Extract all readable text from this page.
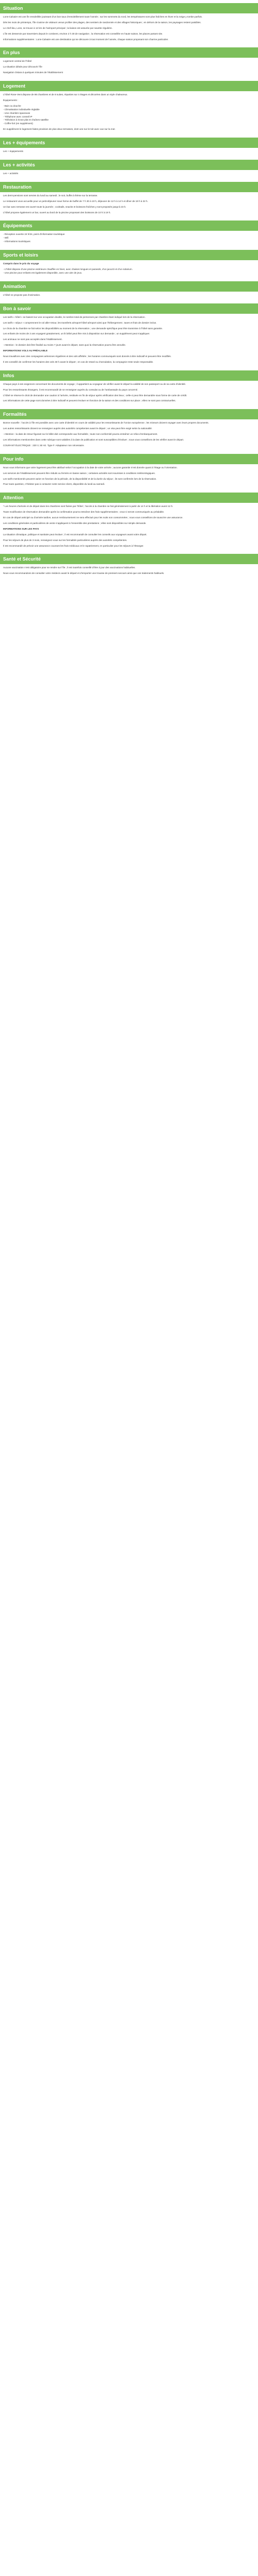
Situation

Lons-Calvaire est une île ensoleillée jouissant d’un bon taux d’ensoleillement toute l’année ; sur les sommets du nord, les températures sont plus fraîches en hiver et la neige y tombe parfois.

Dès les mois de printemps, l’île s’anime de visiteurs venus profiter des plages, des sentiers de randonnée et des villages historiques ; en dehors de la saison, les paysages restent paisibles.

Le chef-lieu, Lons, se trouve à 12 km de l’aéroport principal ; la liaison est assurée par navette régulière.

L’île est desservie par traversiers depuis le continent, environ 2 h 30 de navigation ; la réservation est conseillée en haute saison, les places partant vite.

Informations supplémentaires : Lons-Calvaire est une destination qui se découvre à tout moment de l’année, chaque saison proposant son charme particulier.

En plus

Logement central de l’hôtel

La situation idéale pour découvrir l’île

Navigation Ostara à quelques minutes de l’établissement

Logement

L’hôtel Rose-Vent dispose de 98 chambres et de 8 suites, réparties sur 4 étages et décorées dans un style chaleureux.

Équipements :

- Bain ou douche
- Climatisation individuelle réglable
- Une chambre spacieuse
- Téléphone avec conseil IP
- Télévision à écran plat et chaînes satellite
- Coffre-fort (en supplément)

En supplément le logement faites provision de plus deux terrasses, dont une sur le toit avec vue sur la mer.

Les + équipements

Les + équipements

Les + activités

Les + activités

Restauration

Les demi-pensions sont servies du lundi au samedi ; le soir, buffet à thème sur la terrasse.

Le restaurant vous accueille pour un petit-déjeuner sous forme de buffet de 7 h 30 à 10 h, déjeuner de 12 h à 14 h et dîner de 19 h à 22 h.

Un bar avec terrasse est ouvert toute la journée ; cocktails, snacks et boissons fraîches y sont proposés jusqu’à 23 h.

L’hôtel propose également un bar, ouvert au bord de la piscine proposant des boissons de 10 h à 19 h.

Équipements
- Réception ouverte 24 h/24, point d’information touristique
- Wifi
- Informations touristiques
Sports et loisirs

Compris dans le prix du voyage

- L’hôtel dispose d’une piscine extérieure chauffée en hiver, avec chaises longues et parasols, d’un jacuzzi et d’un solarium.
- Une piscine pour enfants est également disponible, avec une aire de jeux.
Animation

L’hôtel ne propose pas d’animation.

Bon à savoir

Les tarifs « hôtel » se basent sur une occupation double, le nombre total de personnes par chambre étant indiqué lors de la réservation.

Les tarifs « séjour » comprennent le vol aller-retour, les transferts aéroport-hôtel-aéroport ainsi que l’hébergement ; taxes et frais de dossier inclus.

Le choix de la chambre se fait selon les disponibilités au moment de la réservation ; une demande spécifique peut être transmise à l’hôtel sans garantie.

Les enfants de moins de 2 ans voyagent gratuitement, un lit bébé peut être mis à disposition sur demande ; un supplément peut s’appliquer.

Les animaux ne sont pas acceptés dans l’établissement.

- Attention : le dossier doit être finalisé au moins 7 jours avant le départ, sans quoi la réservation pourra être annulée.

INFORMATIONS VOLS AU PRÉALABLE

Nous travaillons avec des compagnies aériennes régulières et des vols affrétés ; les horaires communiqués sont donnés à titre indicatif et peuvent être modifiés.

Il est conseillé de confirmer les horaires des vols 48 h avant le départ ; en cas de retard ou d’annulation, la compagnie reste seule responsable.

Infos

Chaque pays à ses exigences concernant les documents de voyage ; il appartient au voyageur de vérifier avant le départ la validité de son passeport ou de sa carte d’identité.

Pour les ressortissants étrangers, il est recommandé de se renseigner auprès du consulat ou de l’ambassade du pays concerné.

L’hôtel se réserve le droit de demander une caution à l’arrivée, restituée en fin de séjour après vérification des lieux ; celle-ci peut être demandée sous forme de carte de crédit.

Les informations de cette page sont données à titre indicatif et peuvent évoluer en fonction de la saison et des conditions sur place ; elles ne sont pas contractuelles.

Formalités

Bonne nouvelle : l’accès à l’île est possible avec une carte d’identité en cours de validité pour les ressortissants de l’Union européenne ; les mineurs doivent voyager avec leurs propres documents.

Les autres ressortissants doivent se renseigner auprès des autorités compétentes avant le départ ; un visa peut être exigé selon la nationalité.

- Attention : la date de retour figurant sur le billet doit correspondre aux formalités ; toute non-conformité pourra entraîner un refus d’embarquement.

Les informations mentionnées dans cette rubrique sont valables à la date de publication et sont susceptibles d’évoluer ; nous vous conseillons de les vérifier avant le départ.

COURANT ÉLECTRIQUE : 230 V, 50 Hz. Type F. Adaptateur non nécessaire.

Pour info

Nous vous informons que votre logement peut être attribué selon l’occupation à la date de votre arrivée ; aucune garantie n’est donnée quant à l’étage ou l’orientation.

Les services de l’établissement peuvent être réduits ou fermés en basse saison ; certaines activités sont soumises à conditions météorologiques.

Les tarifs mentionnés peuvent varier en fonction de la période, de la disponibilité et de la durée du séjour ; ils sont confirmés lors de la réservation.

Pour toute question, n’hésitez pas à contacter notre service client, disponible du lundi au samedi.

Attention

* Les heures d’arrivée et de départ dans les chambres sont fixées par l’hôtel ; l’accès à la chambre se fait généralement à partir de 14 h et la libération avant 12 h.

Toute modification de réservation demandée après la confirmation pourra entraîner des frais supplémentaires ; ceux-ci seront communiqués au préalable.

En cas de départ anticipé ou d’arrivée tardive, aucun remboursement ne sera effectué pour les nuits non consommées ; nous vous conseillons de souscrire une assurance.

Les conditions générales et particulières de vente s’appliquent à l’ensemble des prestations ; elles sont disponibles sur simple demande.

INFORMATIONS SUR LES PAYS

La situation climatique, politique et sanitaire peut évoluer ; il est recommandé de consulter les conseils aux voyageurs avant votre départ.

Pour les séjours de plus de 3 mois, renseignez-vous sur les formalités particulières auprès des autorités compétentes.

Il est recommandé de prévoir une assurance couvrant les frais médicaux et le rapatriement, en particulier pour les séjours à l’étranger.

Santé et Sécurité

Aucune vaccination n’est obligatoire pour se rendre sur l’île ; il est toutefois conseillé d’être à jour des vaccinations habituelles.

Nous vous recommandons de consulter votre médecin avant le départ et d’emporter une trousse de premiers secours ainsi que vos traitements habituels.
